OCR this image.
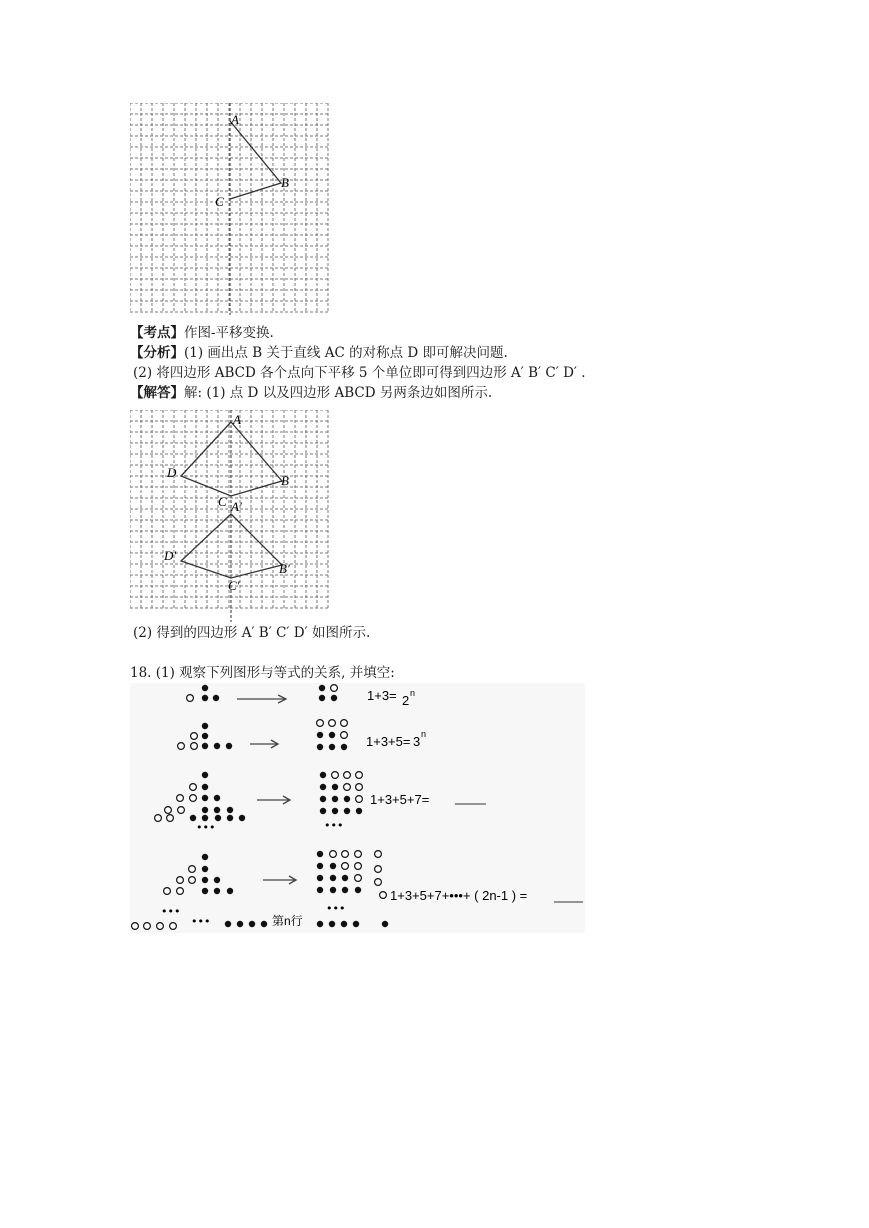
A
B
C
【考点】作图-平移变换.
【分析】(1) 画出点 B 关于直线 AC 的对称点 D 即可解决问题.
(2) 将四边形 ABCD 各个点向下平移 5 个单位即可得到四边形 A′ B′ C′ D′ .
【解答】解: (1) 点 D 以及四边形 ABCD 另两条边如图所示.
A
B
C
D
A′
B′
C′
D′
(2) 得到的四边形 A′ B′ C′ D′ 如图所示.
18. (1) 观察下列图形与等式的关系, 并填空:
•••	•••
•••	•••
•••
1+3= 2 n
1+3+5= 3 n
1+3+5+7=
1+3+5+7+•••+ ( 2n-1 ) =
第n行
